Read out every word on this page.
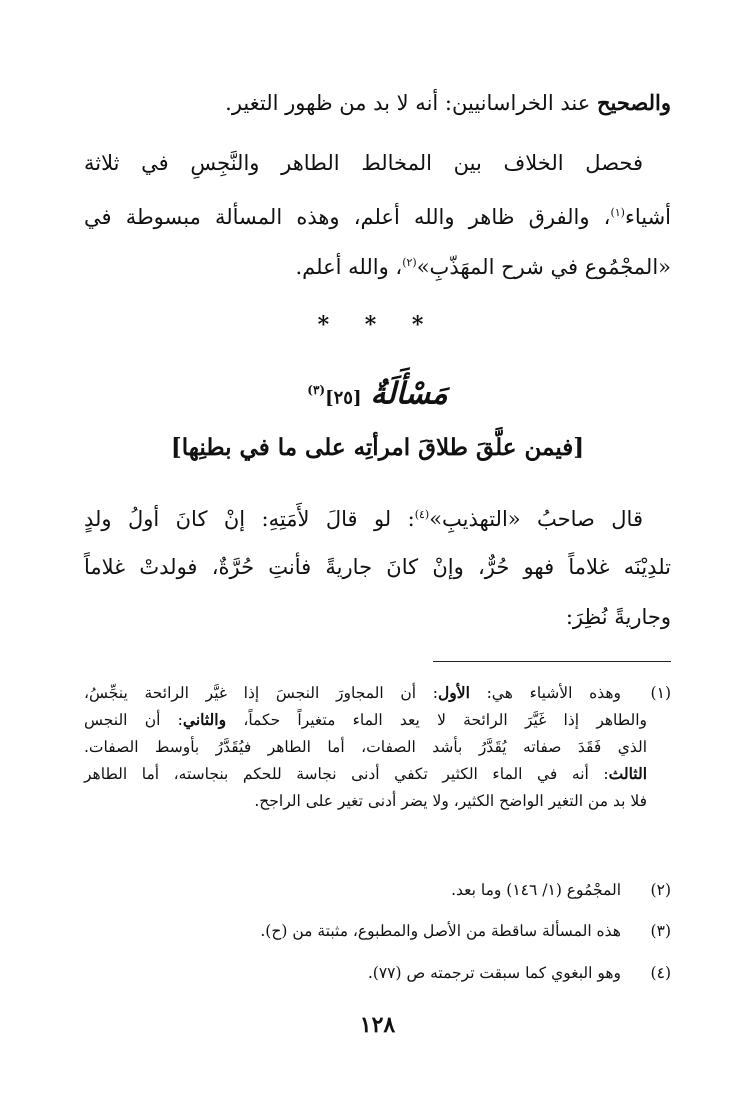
والصحيح عند الخراسانيين: أنه لا بد من ظهور التغير.
فحصل الخلاف بين المخالط الطاهر والنَّجِسِ في ثلاثة
أشياء$^{(١)}$، والفرق ظاهر والله أعلم، وهذه المسألة مبسوطة في
«المجْمُوع في شرح المهَذّبِ»$^{(٢)}$، والله أعلم.
* * *
مَسْأَلَةٌ [٢٥]$^{(٣)}$
[فيمن علَّقَ طلاقَ امرأتِه على ما في بطنِها]
قال صاحبُ «التهذيبِ»$^{(٤)}$: لو قالَ لأَمَتِهِ: إنْ كانَ أولُ ولدٍ
تلدِيْنَه غلاماً فهو حُرٌّ، وإنْ كانَ جاريةً فأنتِ حُرَّةٌ، فولدتْ غلاماً
وجاريةً نُظِرَ:
(١)
وهذه الأشياء هي: الأول: أن المجاورَ النجسَ إذا غيَّر الرائحة ينجِّسُ،
والطاهر إذا غَيَّرَ الرائحة لا يعد الماء متغيراً حكماً، والثاني: أن النجس
الذي فَقَدَ صفاته يُقَدَّرُ بأشد الصفات، أما الطاهر فيُقَدَّرُ بأوسط الصفات.
الثالث: أنه في الماء الكثير تكفي أدنى نجاسة للحكم بنجاسته، أما الطاهر
فلا بد من التغير الواضح الكثير، ولا يضر أدنى تغير على الراجح.
(٢)
المجْمُوع (١/ ١٤٦) وما بعد.
(٣)
هذه المسألة ساقطة من الأصل والمطبوع، مثبتة من (ح).
(٤)
وهو البغوي كما سبقت ترجمته ص (٧٧).
١٢٨
